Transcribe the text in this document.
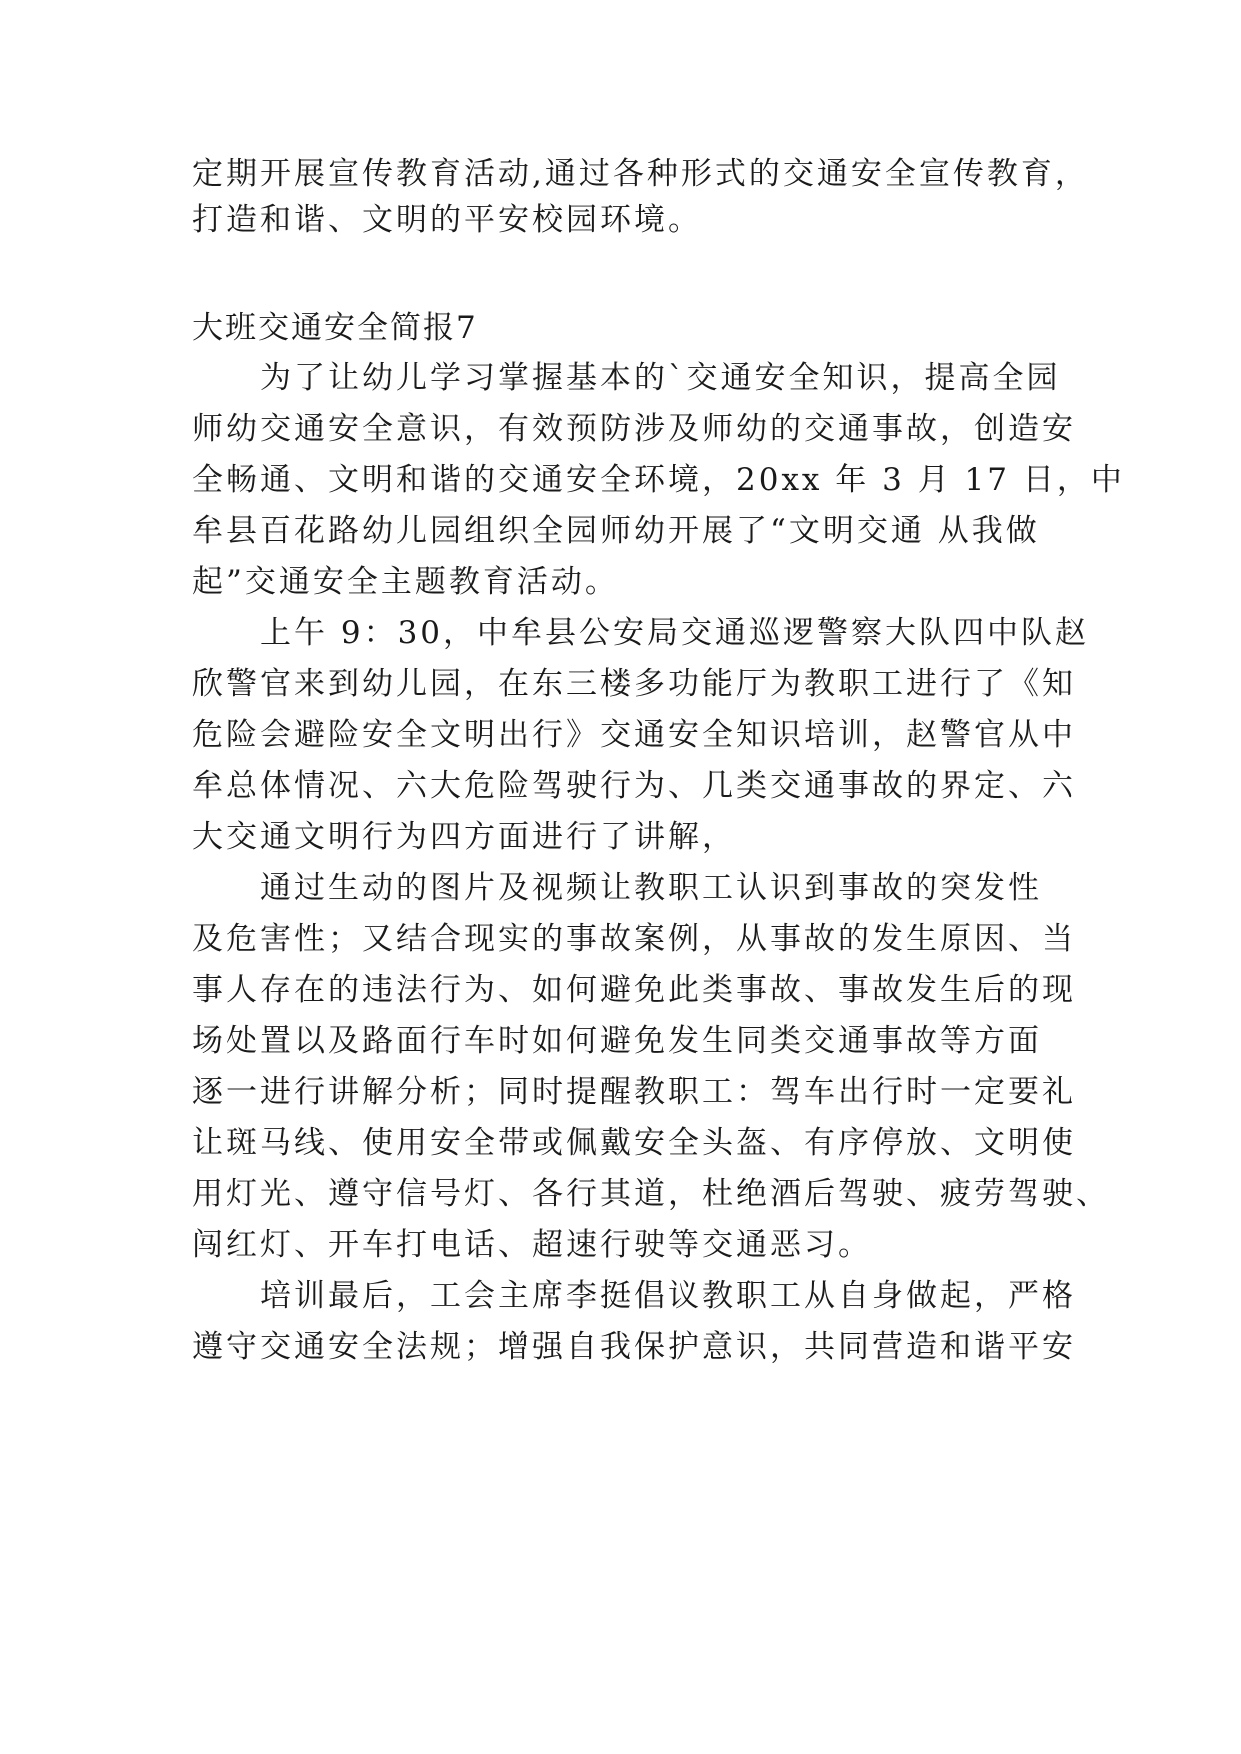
定期开展宣传教育活动,通过各种形式的交通安全宣传教育，
打造和谐、文明的平安校园环境。
大班交通安全简报7
　　为了让幼儿学习掌握基本的`交通安全知识，提高全园
师幼交通安全意识，有效预防涉及师幼的交通事故，创造安
全畅通、文明和谐的交通安全环境，20xx 年 3 月 17 日，中
牟县百花路幼儿园组织全园师幼开展了“文明交通 从我做
起”交通安全主题教育活动。
　　上午 9：30，中牟县公安局交通巡逻警察大队四中队赵
欣警官来到幼儿园，在东三楼多功能厅为教职工进行了《知
危险会避险安全文明出行》交通安全知识培训，赵警官从中
牟总体情况、六大危险驾驶行为、几类交通事故的界定、六
大交通文明行为四方面进行了讲解，
　　通过生动的图片及视频让教职工认识到事故的突发性
及危害性；又结合现实的事故案例，从事故的发生原因、当
事人存在的违法行为、如何避免此类事故、事故发生后的现
场处置以及路面行车时如何避免发生同类交通事故等方面
逐一进行讲解分析；同时提醒教职工：驾车出行时一定要礼
让斑马线、使用安全带或佩戴安全头盔、有序停放、文明使
用灯光、遵守信号灯、各行其道，杜绝酒后驾驶、疲劳驾驶、
闯红灯、开车打电话、超速行驶等交通恶习。
　　培训最后，工会主席李挺倡议教职工从自身做起，严格
遵守交通安全法规；增强自我保护意识，共同营造和谐平安
